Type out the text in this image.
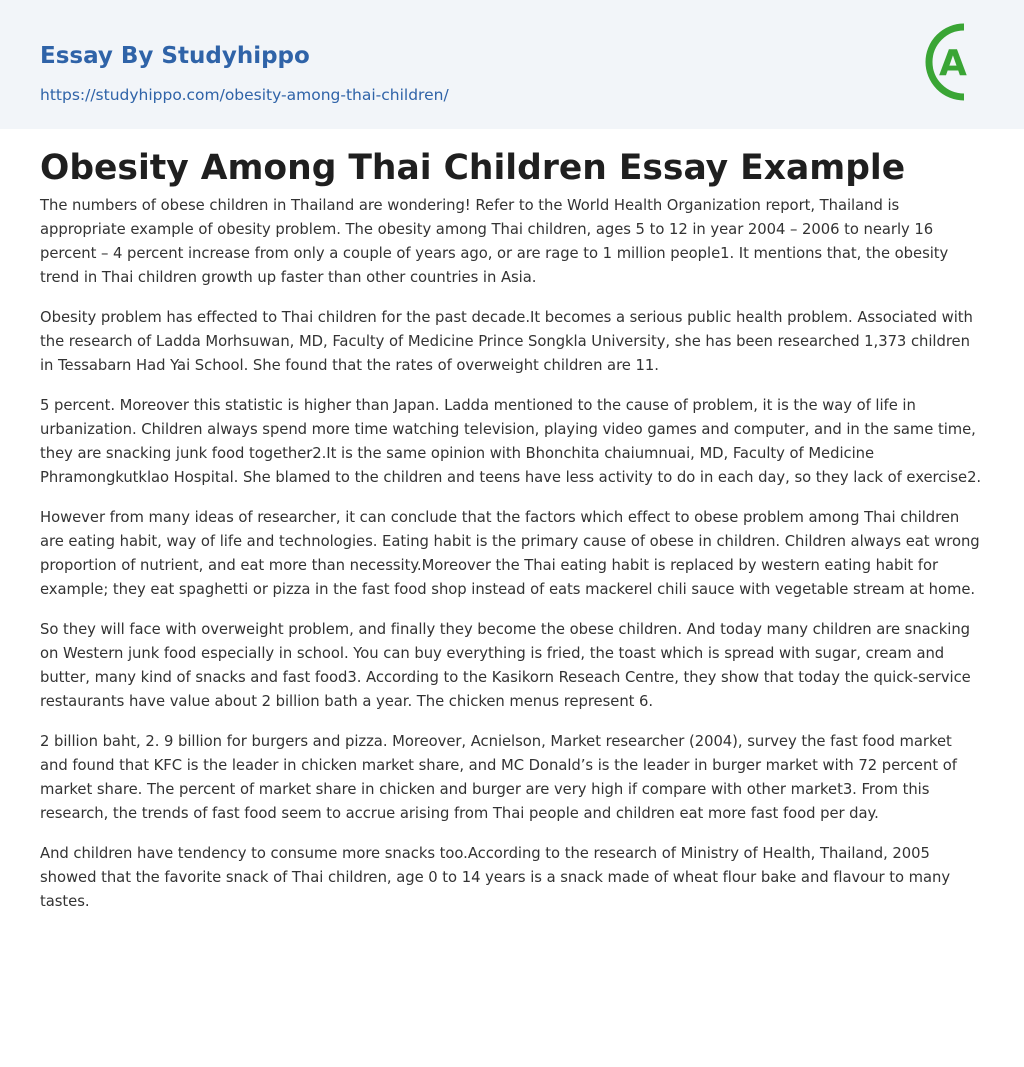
Essay By Studyhippo
https://studyhippo.com/obesity-among-thai-children/
A
Obesity Among Thai Children Essay Example

The numbers of obese children in Thailand are wondering! Refer to the World Health Organization report, Thailand is appropriate example of obesity problem. The obesity among Thai children, ages 5 to 12 in year 2004 – 2006 to nearly 16 percent – 4 percent increase from only a couple of years ago, or are rage to 1 million people1. It mentions that, the obesity trend in Thai children growth up faster than other countries in Asia.

Obesity problem has effected to Thai children for the past decade.It becomes a serious public health problem. Associated with the research of Ladda Morhsuwan, MD, Faculty of Medicine Prince Songkla University, she has been researched 1,373 children in Tessabarn Had Yai School. She found that the rates of overweight children are 11.

5 percent. Moreover this statistic is higher than Japan. Ladda mentioned to the cause of problem, it is the way of life in urbanization. Children always spend more time watching television, playing video games and computer, and in the same time, they are snacking junk food together2.It is the same opinion with Bhonchita chaiumnuai, MD, Faculty of Medicine Phramongkutklao Hospital. She blamed to the children and teens have less activity to do in each day, so they lack of exercise2.

However from many ideas of researcher, it can conclude that the factors which effect to obese problem among Thai children are eating habit, way of life and technologies. Eating habit is the primary cause of obese in children. Children always eat wrong proportion of nutrient, and eat more than necessity.Moreover the Thai eating habit is replaced by western eating habit for example; they eat spaghetti or pizza in the fast food shop instead of eats mackerel chili sauce with vegetable stream at home.

So they will face with overweight problem, and finally they become the obese children. And today many children are snacking on Western junk food especially in school. You can buy everything is fried, the toast which is spread with sugar, cream and butter, many kind of snacks and fast food3. According to the Kasikorn Reseach Centre, they show that today the quick-service restaurants have value about 2 billion bath a year. The chicken menus represent 6.

2 billion baht, 2. 9 billion for burgers and pizza. Moreover, Acnielson, Market researcher (2004), survey the fast food market and found that KFC is the leader in chicken market share, and MC Donald’s is the leader in burger market with 72 percent of market share. The percent of market share in chicken and burger are very high if compare with other market3. From this research, the trends of fast food seem to accrue arising from Thai people and children eat more fast food per day.

And children have tendency to consume more snacks too.According to the research of Ministry of Health, Thailand, 2005 showed that the favorite snack of Thai children, age 0 to 14 years is a snack made of wheat flour bake and flavour to many tastes.
